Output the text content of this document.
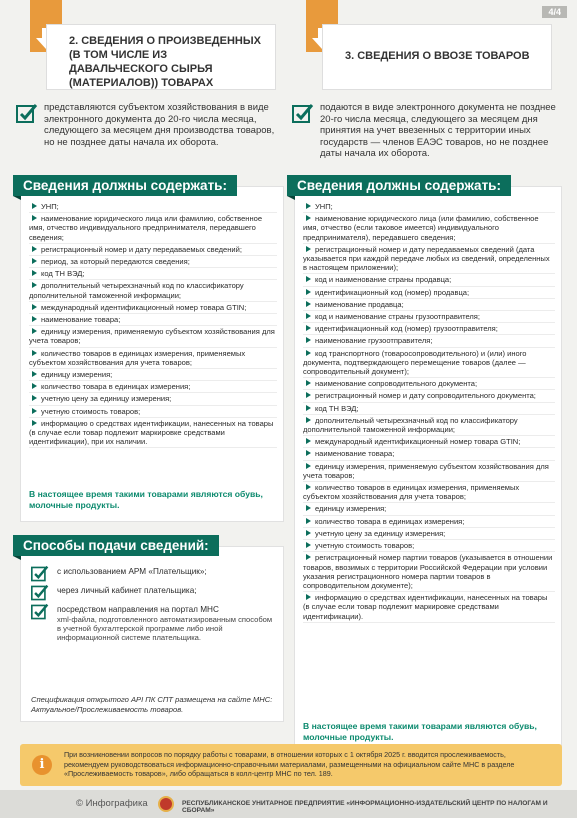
4/4
2. СВЕДЕНИЯ О ПРОИЗВЕДЕННЫХ (В ТОМ ЧИСЛЕ ИЗ ДАВАЛЬЧЕСКОГО СЫРЬЯ (МАТЕРИАЛОВ)) ТОВАРАХ
3. СВЕДЕНИЯ О ВВОЗЕ ТОВАРОВ
представляются субъектом хозяйствования в виде электронного документа до 20-го числа месяца, следующего за месяцем дня производства товаров, но не позднее даты начала их оборота.
подаются в виде электронного документа не позднее 20-го числа месяца, следующего за месяцем дня принятия на учет ввезенных с территории иных государств — членов ЕАЭС товаров, но не позднее даты начала их оборота.
Сведения должны содержать:
УНП;
наименование юридического лица или фамилию, собственное имя, отчество индивидуального предпринимателя, передавшего сведения;
регистрационный номер и дату передаваемых сведений;
период, за который передаются сведения;
код ТН ВЭД;
дополнительный четырехзначный код по классификатору дополнительной таможенной информации;
международный идентификационный номер товара GTIN;
наименование товара;
единицу измерения, применяемую субъектом хозяйствования для учета товаров;
количество товаров в единицах измерения, применяемых субъектом хозяйствования для учета товаров;
единицу измерения;
количество товара в единицах измерения;
учетную цену за единицу измерения;
учетную стоимость товаров;
информацию о средствах идентификации, нанесенных на товары (в случае если товар подлежит маркировке средствами идентификации), при их наличии.
В настоящее время такими товарами являются обувь, молочные продукты.
Сведения должны содержать:
УНП;
наименование юридического лица (или фамилию, собственное имя, отчество (если таковое имеется) индивидуального предпринимателя), передавшего сведения;
регистрационный номер и дату передаваемых сведений (дата указывается при каждой передаче любых из сведений, определенных в настоящем приложении);
код и наименование страны продавца;
идентификационный код (номер) продавца;
наименование продавца;
код и наименование страны грузоотправителя;
идентификационный код (номер) грузоотправителя;
наименование грузоотправителя;
код транспортного (товаросопроводительного) и (или) иного документа, подтверждающего перемещение товаров (далее — сопроводительный документ);
наименование сопроводительного документа;
регистрационный номер и дату сопроводительного документа;
код ТН ВЭД;
дополнительный четырехзначный код по классификатору дополнительной таможенной информации;
международный идентификационный номер товара GTIN;
наименование товара;
единицу измерения, применяемую субъектом хозяйствования для учета товаров;
количество товаров в единицах измерения, применяемых субъектом хозяйствования для учета товаров;
единицу измерения;
количество товара в единицах измерения;
учетную цену за единицу измерения;
учетную стоимость товаров;
регистрационный номер партии товаров (указывается в отношении товаров, ввозимых с территории Российской Федерации при условии указания регистрационного номера партии товаров в сопроводительном документе);
информацию о средствах идентификации, нанесенных на товары (в случае если товар подлежит маркировке средствами идентификации).
В настоящее время такими товарами являются обувь, молочные продукты.
Способы подачи сведений:
с использованием АРМ «Плательщик»;
через личный кабинет плательщика;
посредством направления на портал МНС
xml-файла, подготовленного автоматизированным способом в учетной бухгалтерской программе либо иной информационной системе плательщика.
Спецификация открытого API ПК СПТ размещена на сайте МНС: Актуальное/Прослеживаемость товаров.
i
При возникновении вопросов по порядку работы с товарами, в отношении которых с 1 октября 2025 г. вводится прослеживаемость, рекомендуем руководствоваться информационно-справочными материалами, размещенными на официальном сайте МНС в разделе «Прослеживаемость товаров», либо обращаться в колл-центр МНС по тел. 189.
© Инфографика	РЕСПУБЛИКАНСКОЕ УНИТАРНОЕ ПРЕДПРИЯТИЕ «ИНФОРМАЦИОННО-ИЗДАТЕЛЬСКИЙ ЦЕНТР ПО НАЛОГАМ И СБОРАМ»
